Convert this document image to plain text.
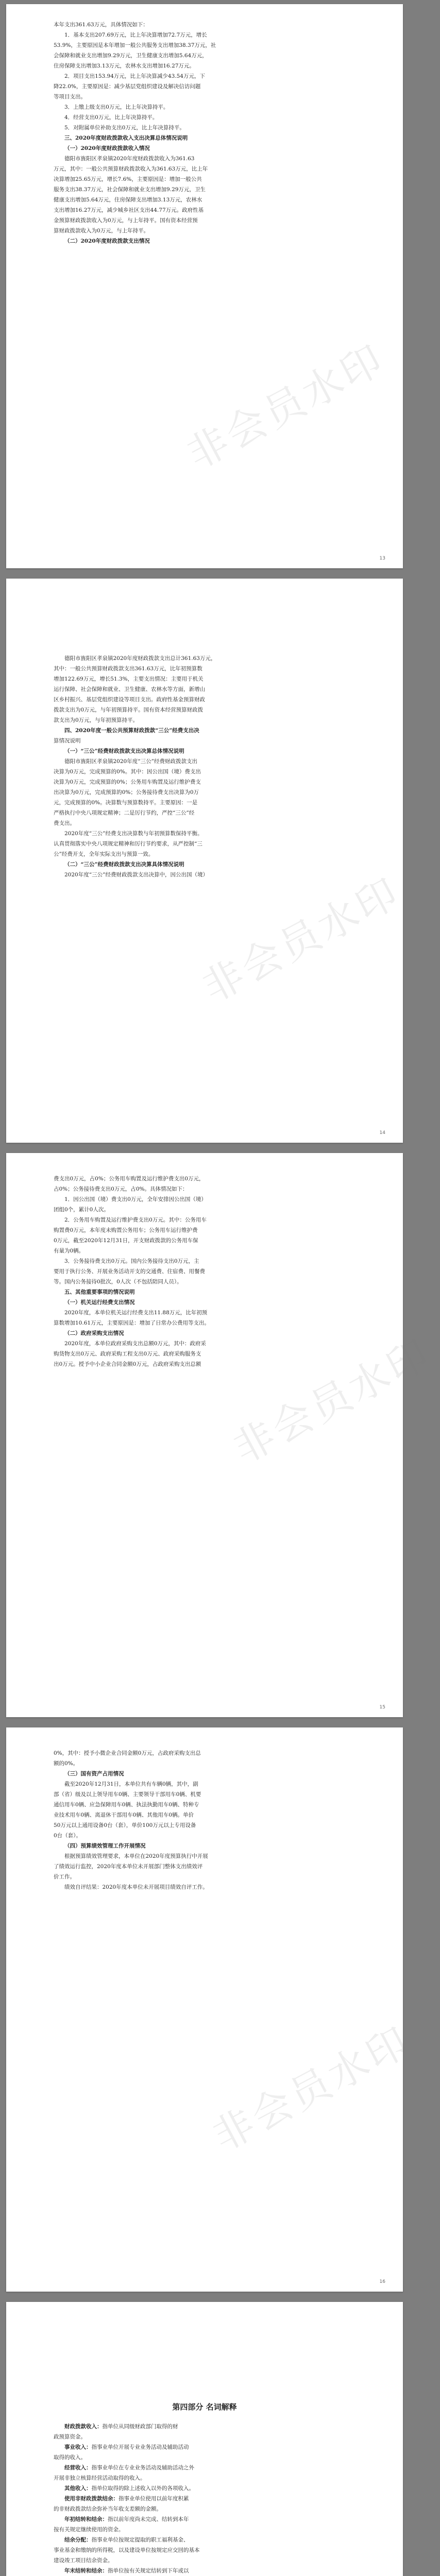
本年支出361.63万元，具体情况如下：

1．基本支出207.69万元，比上年决算增加72.7万元，增长

53.9%，主要原因是本年增加一般公共服务支出增加38.37万元，社

会保障和就业支出增加9.29万元，卫生健康支出增加5.64万元，

住房保障支出增加3.13万元，农林水支出增加16.27万元。

2．项目支出153.94万元，比上年决算减少43.54万元，下

降22.0%，主要原因是：减少基层党组织建设及解决信访问题

等项目支出。

3．上缴上级支出0万元，比上年决算持平。

4．经营支出0万元，比上年决算持平。

5．对附属单位补助支出0万元，比上年决算持平。

三、2020年度财政拨款收入支出决算总体情况说明

（一）2020年度财政拨款收入情况

德阳市旌阳区孝泉镇2020年度财政拨款收入为361.63

万元，其中：一般公共预算财政拨款收入为361.63万元，比上年

决算增加25.65万元，增长7.6%，主要原因是：增加一般公共

服务支出38.37万元，社会保障和就业支出增加9.29万元，卫生

健康支出增加5.64万元，住房保障支出增加3.13万元，农林水

支出增加16.27万元，减少城乡社区支出44.77万元。政府性基

金预算财政拨款收入为0万元，与上年持平。国有资本经营预

算财政拨款收入为0万元，与上年持平。

（二）2020年度财政拨款支出情况

非会员水印
13

德阳市旌阳区孝泉镇2020年度财政拨款支出总计361.63万元，

其中：一般公共预算财政拨款支出361.63万元，比年初预算数

增加122.69万元，增长51.3%，主要支出情况：主要用于机关

运行保障、社会保障和就业、卫生健康、农林水等方面，新增山

区乡村振兴、基层党组织建设等项目支出。政府性基金预算财政

拨款支出为0万元，与年初预算持平。国有资本经营预算财政拨

款支出为0万元，与年初预算持平。

四、2020年度一般公共预算财政拨款“三公”经费支出决

算情况说明

（一）“三公”经费财政拨款支出决算总体情况说明

德阳市旌阳区孝泉镇2020年度“三公”经费财政拨款支出

决算为0万元，完成预算的0%。其中：因公出国（境）费支出

决算为0万元，完成预算的0%；公务用车购置及运行维护费支

出决算为0万元，完成预算的0%；公务接待费支出决算为0万

元，完成预算的0%。决算数与预算数持平。主要原因：一是

严格执行中央八项规定精神；二是厉行节约，严控“三公”经

费支出。

2020年度“三公”经费支出决算数与年初预算数保持平衡。

认真贯彻落实中央八项规定精神和厉行节约要求，从严控制“三

公”经费开支，全年实际支出与预算一致。

（二）“三公”经费财政拨款支出决算具体情况说明

2020年度“三公”经费财政拨款支出决算中，因公出国（境）

非会员水印
14

费支出0万元，占0%；公务用车购置及运行维护费支出0万元，

占0%；公务接待费支出0万元，占0%。具体情况如下：

1．因公出国（境）费支出0万元，全年安排因公出国（境）

团组0个，累计0人次。

2．公务用车购置及运行维护费支出0万元。其中：公务用车

购置费0万元，本年度未购置公务用车；公务用车运行维护费

0万元，截至2020年12月31日，开支财政拨款的公务用车保

有量为0辆。

3．公务接待费支出0万元。国内公务接待支出0万元，主

要用于执行公务、开展业务活动开支的交通费、住宿费、用餐费

等。国内公务接待0批次，0人次（不包括陪同人员）。

五、其他重要事项的情况说明

（一）机关运行经费支出情况

2020年度，本单位机关运行经费支出11.88万元，比年初预

算数增加10.61万元，主要原因是：增加了日常办公费用等支出。

（二）政府采购支出情况

2020年度，本单位政府采购支出总额0万元，其中：政府采

购货物支出0万元、政府采购工程支出0万元、政府采购服务支

出0万元。授予中小企业合同金额0万元，占政府采购支出总额 非会员水印
15

0%，其中：授予小微企业合同金额0万元，占政府采购支出总

额的0%。

（三）国有资产占用情况

截至2020年12月31日，本单位共有车辆0辆，其中，副

部（省）级及以上领导用车0辆、主要领导干部用车0辆、机要

通信用车0辆、应急保障用车0辆、执法执勤用车0辆、特种专

业技术用车0辆、离退休干部用车0辆、其他用车0辆。单价

50万元以上通用设备0台（套），单价100万元以上专用设备

0台（套）。

（四）预算绩效管理工作开展情况

根据预算绩效管理要求，本单位在2020年度预算执行中开展

了绩效运行监控，2020年度本单位未开展部门整体支出绩效评

价工作。

绩效自评结果：2020年度本单位未开展项目绩效自评工作。

非会员水印
16

第四部分 名词解释

财政拨款收入：指单位从同级财政部门取得的财

政预算资金。

事业收入：指事业单位开展专业业务活动及辅助活动

取得的收入。

经营收入：指事业单位在专业业务活动及辅助活动之外

开展非独立核算经营活动取得的收入。

其他收入：指单位取得的除上述收入以外的各项收入。

使用非财政拨款结余：指事业单位使用以前年度积累

的非财政拨款结余弥补当年收支差额的金额。

年初结转和结余：指以前年度尚未完成、结转到本年

按有关规定继续使用的资金。

结余分配：指事业单位按规定提取的职工福利基金、

事业基金和缴纳的所得税，以及建设单位按规定应交回的基本

建设竣工项目结余资金。

年末结转和结余：指单位按有关规定结转到下年或以
